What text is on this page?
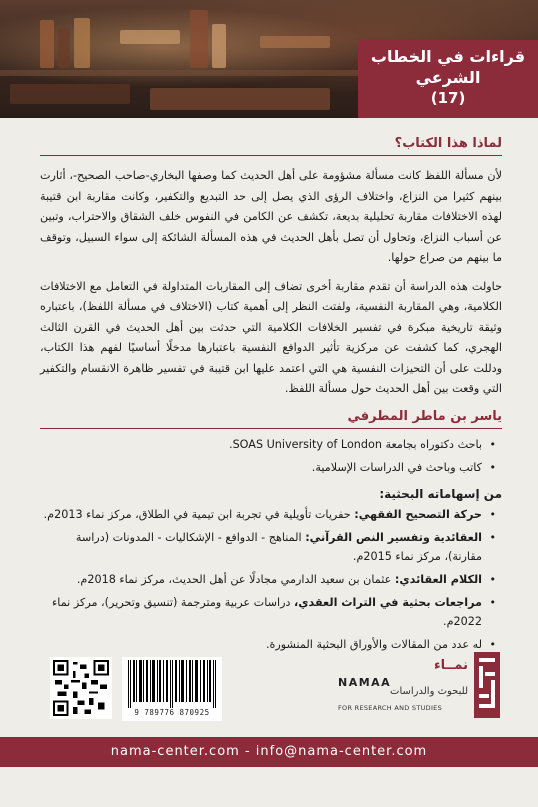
قراءات في الخطاب الشرعي
(17)
لماذا هذا الكتاب؟

لأن مسألة اللفظ كانت مسألة مشؤومة على أهل الحديث كما وصفها البخاري-صاحب الصحيح-، أثارت بينهم كثيرا من النزاع، واختلاف الرؤى الذي يصل إلى حد التبديع والتكفير، وكانت مقاربة ابن قتيبة لهذه الاختلافات مقاربة تحليلية بديعة، تكشف عن الكامن في النفوس خلف الشقاق والاحتراب، وتبين عن أسباب النزاع، وتحاول أن تصل بأهل الحديث في هذه المسألة الشائكة إلى سواء السبيل، وتوقف ما بينهم من صراع حولها.

حاولت هذه الدراسة أن تقدم مقاربة أخرى تضاف إلى المقاربات المتداولة في التعامل مع الاختلافات الكلامية، وهي المقاربة النفسية، ولفتت النظر إلى أهمية كتاب (الاختلاف في مسألة اللفظ)، باعتباره وثيقة تاريخية مبكرة في تفسير الخلافات الكلامية التي حدثت بين أهل الحديث في القرن الثالث الهجري، كما كشفت عن مركزية تأثير الدوافع النفسية باعتبارها مدخلًا أساسيًا لفهم هذا الكتاب، ودللت على أن التحيزات النفسية هي التي اعتمد عليها ابن قتيبة في تفسير ظاهرة الانقسام والتكفير التي وقعت بين أهل الحديث حول مسألة اللفظ.

ياسر بن ماطر المطرفي
•
باحث دكتوراه بجامعة SOAS University of London.
•
كاتب وباحث في الدراسات الإسلامية.
من إسهاماته البحثية:
•
حركة التصحيح الفقهي: حفريات تأويلية في تجربة ابن تيمية في الطلاق، مركز نماء 2013م.
•
العقائدية وتفسير النص القرآني: المناهج - الدوافع - الإشكاليات - المدونات (دراسة مقارنة)، مركز نماء 2015م.
•
الكلام العقائدي: عثمان بن سعيد الدارمي مجادلًا عن أهل الحديث، مركز نماء 2018م.
•
مراجعات بحثية في التراث العقدي، دراسات عربية ومترجمة (تنسيق وتحرير)، مركز نماء 2022م.
•
له عدد من المقالات والأوراق البحثية المنشورة.
9 789776 870925
نمــاء
NAMAA
للبحوث والدراسات
FOR RESEARCH AND STUDIES
nama-center.com - info@nama-center.com
